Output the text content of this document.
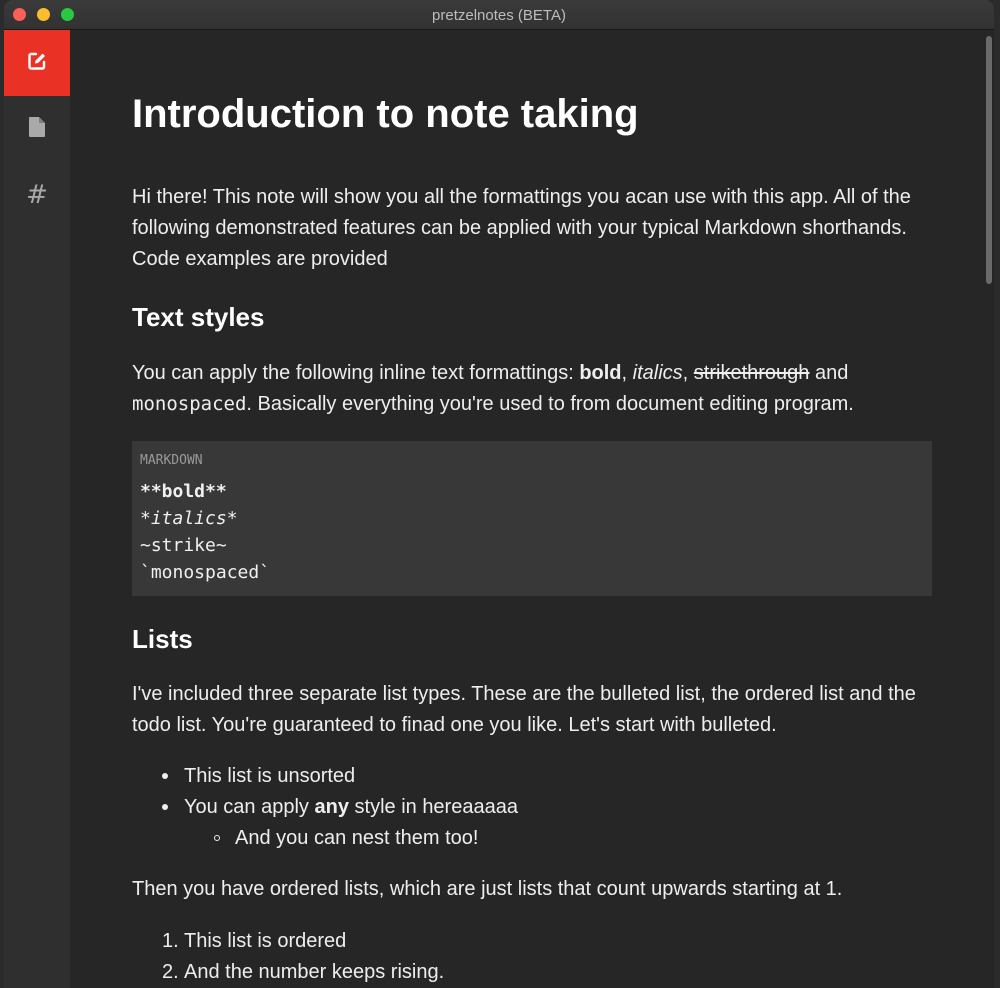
pretzelnotes (BETA)
#
Introduction to note taking

Hi there! This note will show you all the formattings you acan use with this app. All of the

following demonstrated features can be applied with your typical Markdown shorthands.

Code examples are provided

Text styles

You can apply the following inline text formattings: bold, italics, strikethrough and

monospaced. Basically everything you're used to from document editing program.

MARKDOWN
**bold**
*italics*
~strike~
`monospaced`
Lists

I've included three separate list types. These are the bulleted list, the ordered list and the

todo list. You're guaranteed to finad one you like. Let's start with bulleted.

This list is unsorted
You can apply any style in hereaaaaa
And you can nest them too!

Then you have ordered lists, which are just lists that count upwards starting at 1.

1. This list is ordered
2. And the number keeps rising.
